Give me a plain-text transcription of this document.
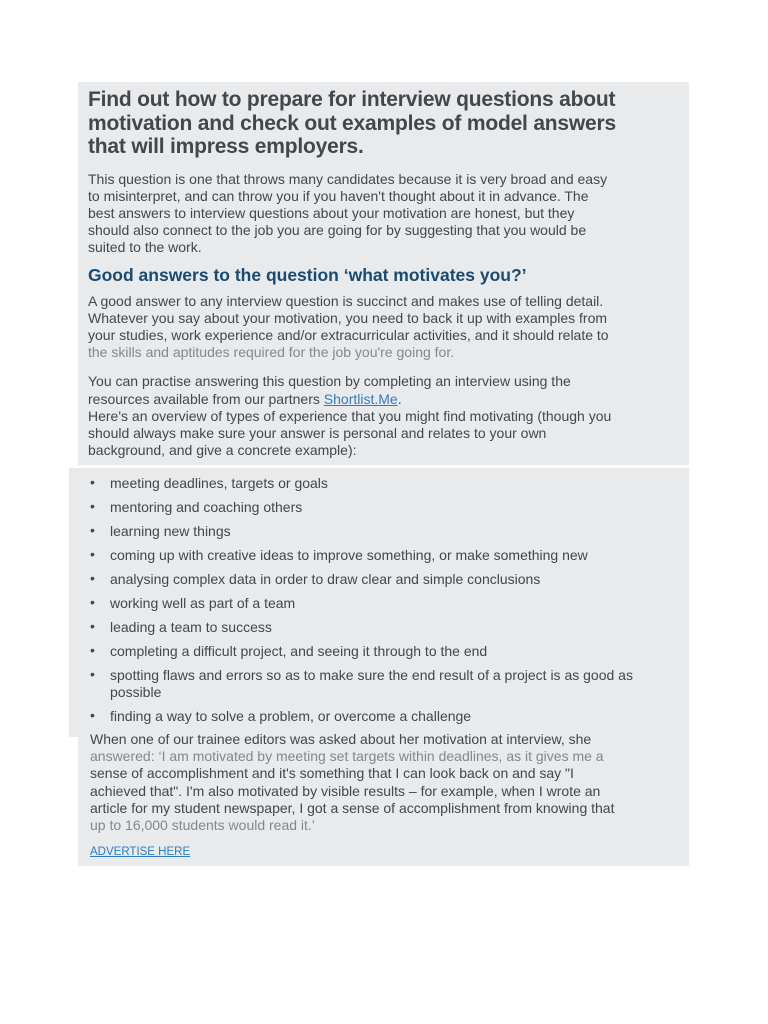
Find out how to prepare for interview questions about
motivation and check out examples of model answers
that will impress employers.
This question is one that throws many candidates because it is very broad and easy
to misinterpret, and can throw you if you haven't thought about it in advance. The
best answers to interview questions about your motivation are honest, but they
should also connect to the job you are going for by suggesting that you would be
suited to the work.
Good answers to the question ‘what motivates you?’
A good answer to any interview question is succinct and makes use of telling detail.
Whatever you say about your motivation, you need to back it up with examples from
your studies, work experience and/or extracurricular activities, and it should relate to
the skills and aptitudes required for the job you're going for.
You can practise answering this question by completing an interview using the
resources available from our partners Shortlist.Me.
Here's an overview of types of experience that you might find motivating (though you
should always make sure your answer is personal and relates to your own
background, and give a concrete example):
• meeting deadlines, targets or goals
• mentoring and coaching others
• learning new things
• coming up with creative ideas to improve something, or make something new
• analysing complex data in order to draw clear and simple conclusions
• working well as part of a team
• leading a team to success
• completing a difficult project, and seeing it through to the end
• spotting flaws and errors so as to make sure the end result of a project is as good as possible
• finding a way to solve a problem, or overcome a challenge
When one of our trainee editors was asked about her motivation at interview, she
answered: ‘I am motivated by meeting set targets within deadlines, as it gives me a
sense of accomplishment and it's something that I can look back on and say "I
achieved that". I'm also motivated by visible results – for example, when I wrote an
article for my student newspaper, I got a sense of accomplishment from knowing that
up to 16,000 students would read it.’
ADVERTISE HERE
